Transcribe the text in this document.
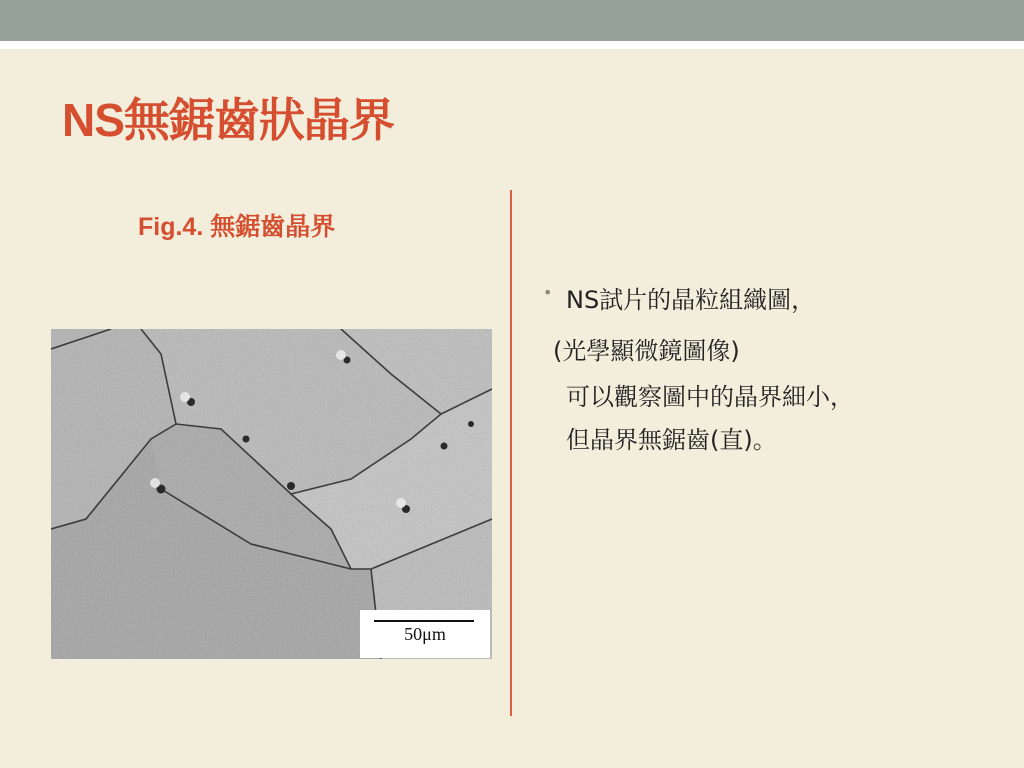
NS無鋸齒狀晶界
Fig.4. 無鋸齒晶界
50μm
• NS試片的晶粒組織圖，
(光學顯微鏡圖像)
可以觀察圖中的晶界細小，
但晶界無鋸齒(直)。
